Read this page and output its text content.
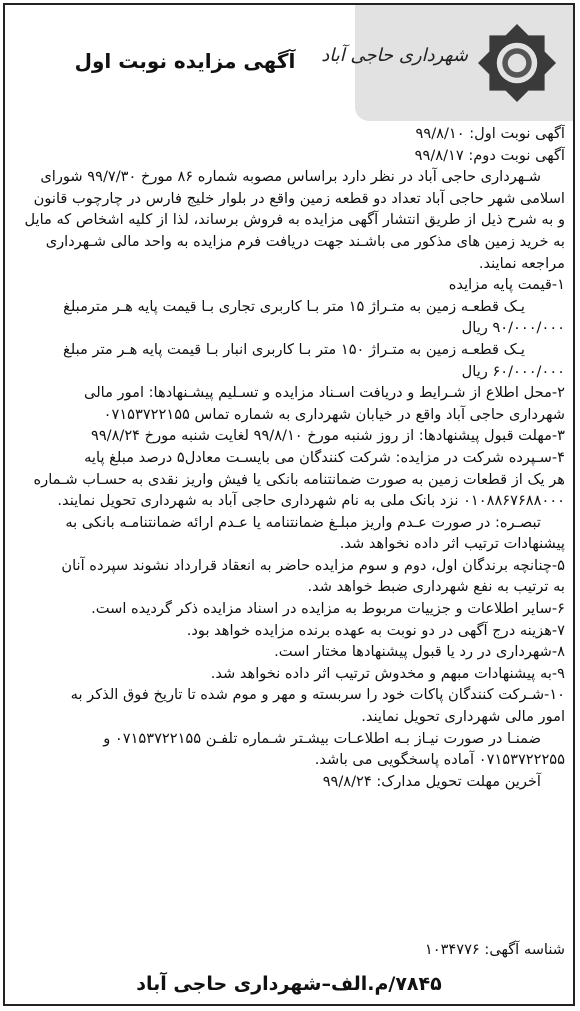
شهرداری حاجی آباد
آگهی مزایده نوبت اول
آگهی نوبت اول: ۹۹/۸/۱۰
آگهی نوبت دوم: ۹۹/۸/۱۷
شـهرداری حاجی آباد در نظر دارد براساس مصوبه شماره ۸۶ مورخ ۹۹/۷/۳۰ شورای
اسلامی شهر حاجی آباد تعداد دو قطعه زمین واقع در بلوار خلیج فارس در چارچوب قانون
و به شرح ذیل از طریق انتشار آگهی مزایده به فروش برساند، لذا از کلیه اشخاص که مایل
به خرید زمین های مذکور می باشـند جهت دریافت فرم مزایده به واحد مالی شـهرداری
مراجعه نمایند.

۱-قیمت پایه مزایده

یـک قطعـه زمین به متـراژ ۱۵ متر بـا کاربری تجاری بـا قیمت پایه هـر مترمبلغ
۹۰/۰۰۰/۰۰۰ ریال

یـک قطعـه زمین به متـراژ ۱۵۰ متر بـا کاربری انبار بـا قیمت پایه هـر متر مبلغ
۶۰/۰۰۰/۰۰۰ ریال

۲-محل اطلاع از شـرایط و دریافت اسـناد مزایده و تسـلیم پیشـنهادها: امور مالی
شهرداری حاجی آباد واقع در خیابان شهرداری به شماره تماس ۰۷۱۵۳۷۲۲۱۵۵

۳-مهلت قبول پیشنهادها: از روز شنبه مورخ ۹۹/۸/۱۰ لغایت شنبه مورخ ۹۹/۸/۲۴

۴-سـپرده شرکت در مزایده: شرکت کنندگان می بایسـت معادل۵ درصد مبلغ پایه
هر یک از قطعات زمین به صورت ضمانتنامه بانکی یا فیش واریز نقدی به حسـاب شـماره
۰۱۰۸۸۶۷۶۸۸۰۰۰ نزد بانک ملی به نام شهرداری حاجی آباد به شهرداری تحویل نمایند.

تبصـره: در صورت عـدم واریز مبلـغ ضمانتنامه یا عـدم ارائه ضمانتنامـه بانکی به
پیشنهادات ترتیب اثر داده نخواهد شد.

۵-چنانچه برندگان اول، دوم و سوم مزایده حاضر به انعقاد قرارداد نشوند سپرده آنان
به ترتیب به نفع شهرداری ضبط خواهد شد.

۶-سایر اطلاعات و جزییات مربوط به مزایده در اسناد مزایده ذکر گردیده است.

۷-هزینه درج آگهی در دو نوبت به عهده برنده مزایده خواهد بود.

۸-شهرداری در رد یا قبول پیشنهادها مختار است.

۹-به پیشنهادات مبهم و مخدوش ترتیب اثر داده نخواهد شد.

۱۰-شـرکت کنندگان پاکات خود را سربسته و مهر و موم شده تا تاریخ فوق الذکر به
امور مالی شهرداری تحویل نمایند.

ضمنـا در صورت نیـاز بـه اطلاعـات بیشـتر شـماره تلفـن ۰۷۱۵۳۷۲۲۱۵۵ و
۰۷۱۵۳۷۲۲۲۵۵ آماده پاسخگویی می باشد.

آخرین مهلت تحویل مدارک: ۹۹/۸/۲۴

شناسه آگهی: ۱۰۳۴۷۷۶
۷۸۴۵/م.الف–شهرداری حاجی آباد
